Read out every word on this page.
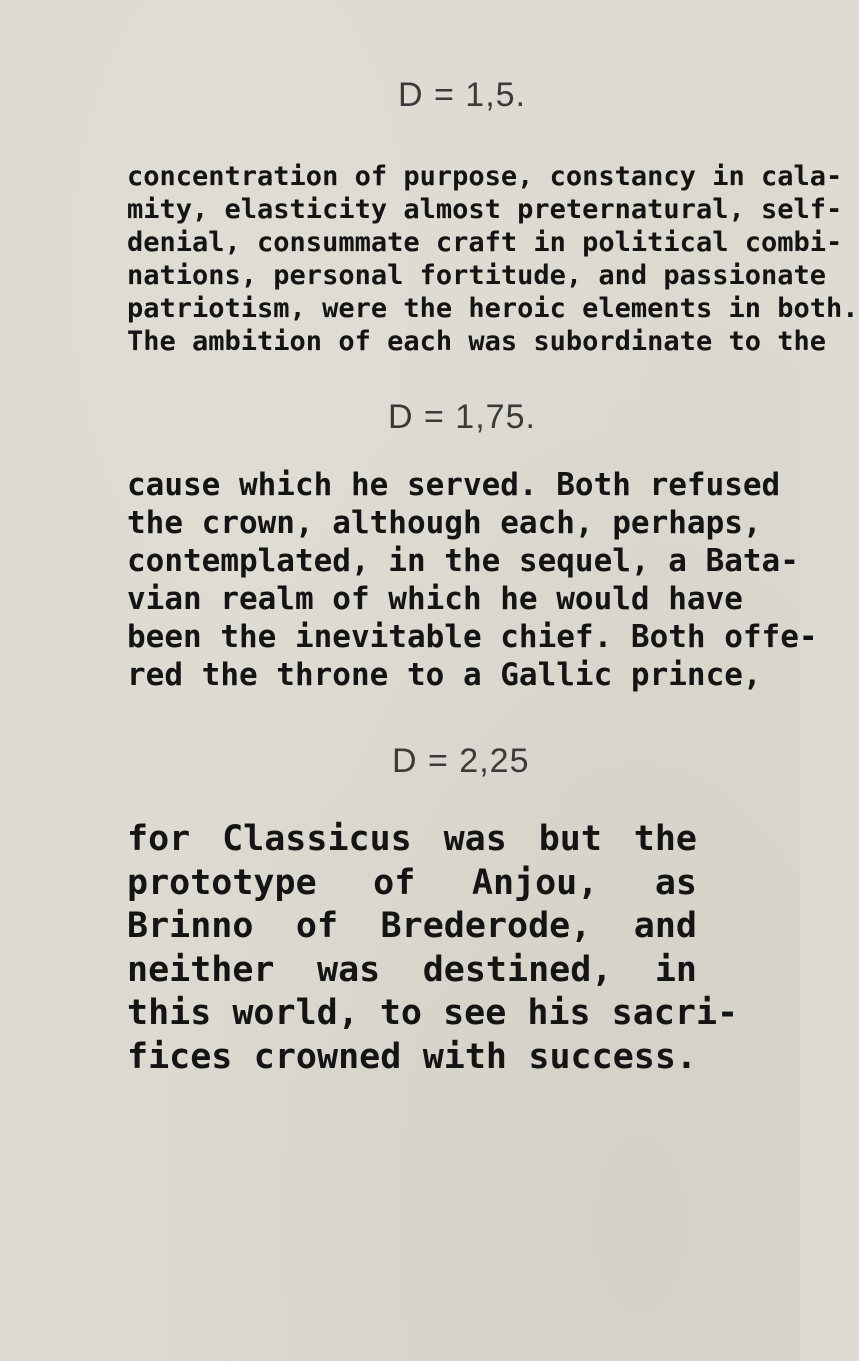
D = 1,5.
concentration of purpose, constancy in cala-
mity, elasticity almost preternatural, self-
denial, consummate craft in political combi-
nations, personal fortitude, and passionate
patriotism, were the heroic elements in both.
The ambition of each was subordinate to the
D = 1,75.
cause which he served. Both refused
the crown, although each, perhaps,
contemplated, in the sequel, a Bata-
vian realm of which he would have
been the inevitable chief. Both offe-
red the throne to a Gallic prince,
D = 2,25
for Classicus was but the
prototype of Anjou, as
Brinno of Brederode, and
neither was destined, in
this world, to see his sacri-
fices crowned with success.
